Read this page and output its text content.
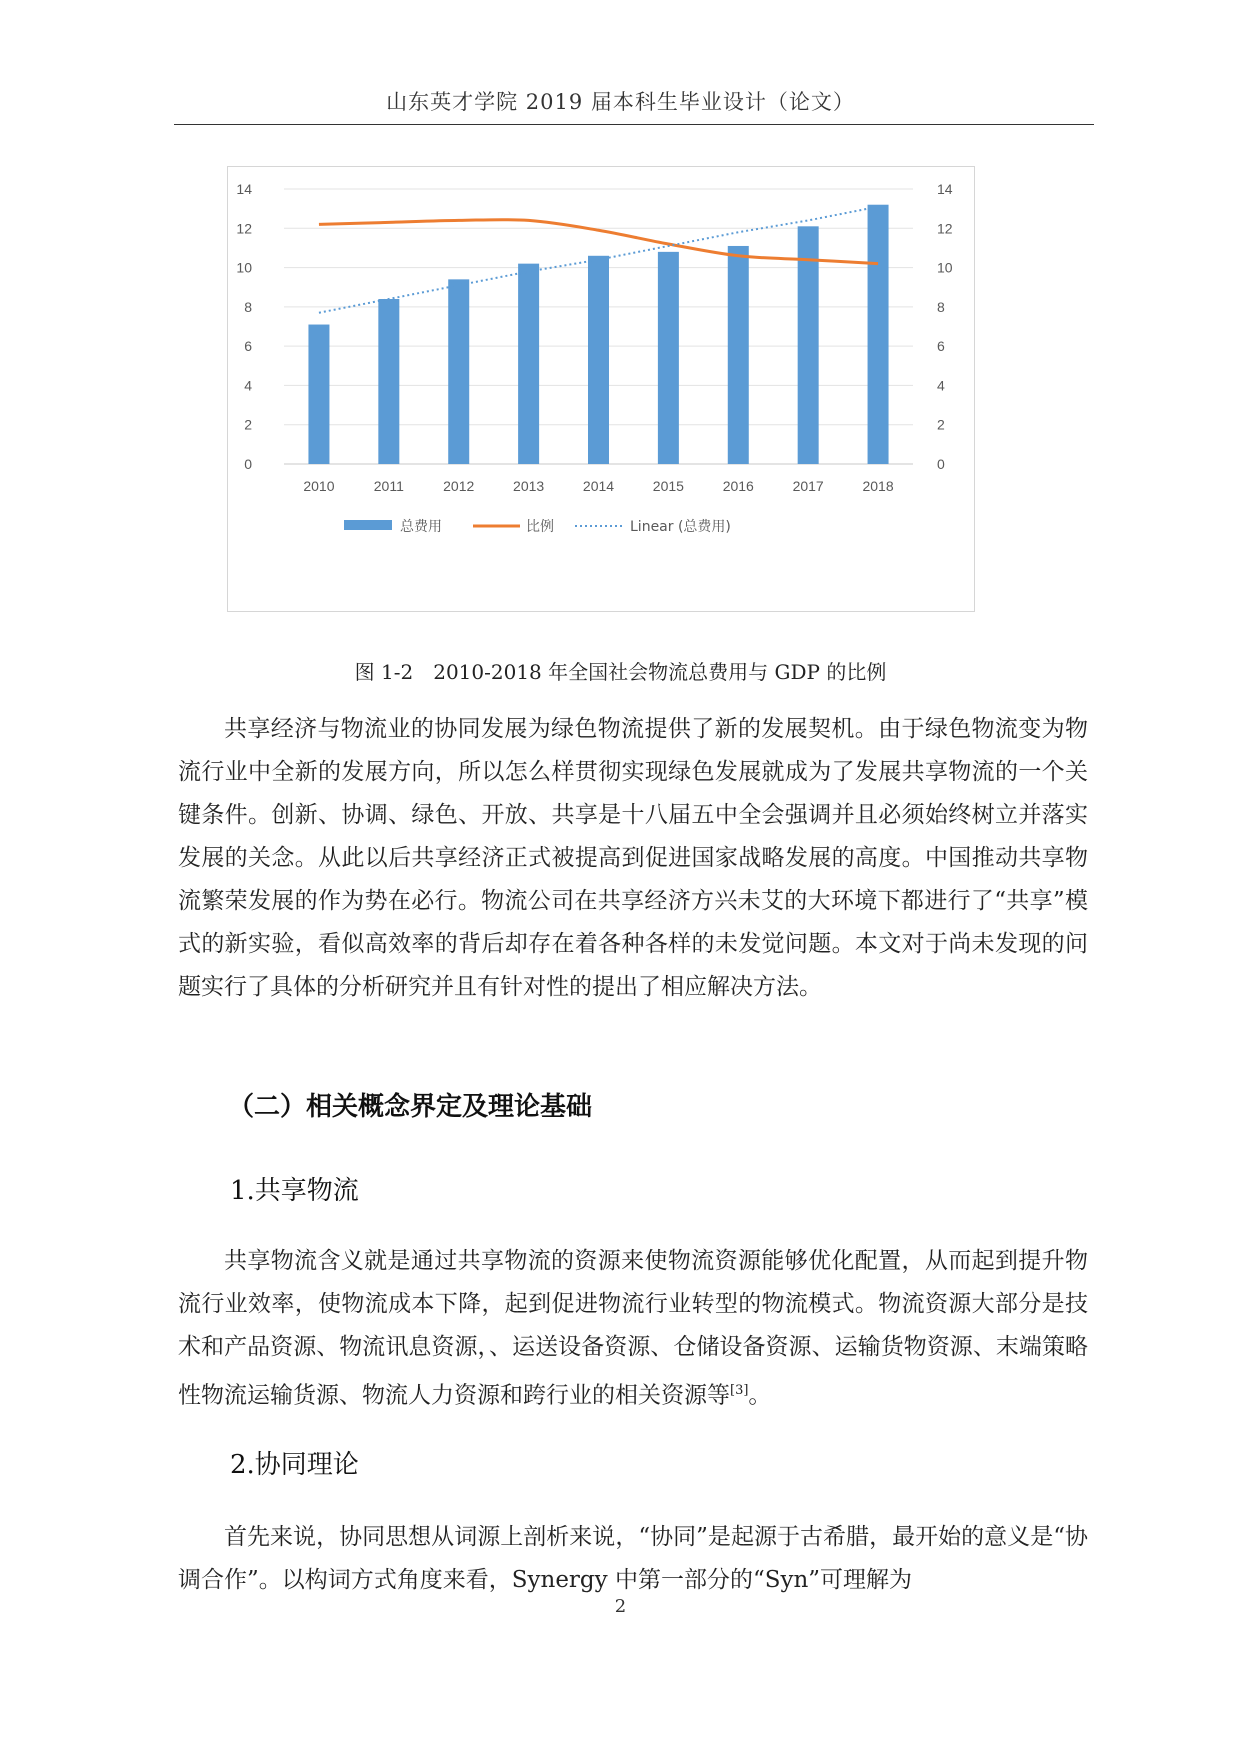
山东英才学院 2019 届本科生毕业设计（论文）
0
2
4
6
8
10
12
14
0
2
4
6
8
10
12
14
2010	2011	2012	2013	2014	2015	2016	2017	2018
总费用	比例	Linear (总费用)
图 1-2　2010-2018 年全国社会物流总费用与 GDP 的比例

共享经济与物流业的协同发展为绿色物流提供了新的发展契机。由于绿色物流变为物流行业中全新的发展方向，所以怎么样贯彻实现绿色发展就成为了发展共享物流的一个关键条件。创新、协调、绿色、开放、共享是十八届五中全会强调并且必须始终树立并落实发展的关念。从此以后共享经济正式被提高到促进国家战略发展的高度。中国推动共享物流繁荣发展的作为势在必行。物流公司在共享经济方兴未艾的大环境下都进行了“共享”模式的新实验，看似高效率的背后却存在着各种各样的未发觉问题。本文对于尚未发现的问题实行了具体的分析研究并且有针对性的提出了相应解决方法。

（二）相关概念界定及理论基础
1.共享物流

共享物流含义就是通过共享物流的资源来使物流资源能够优化配置，从而起到提升物流行业效率，使物流成本下降，起到促进物流行业转型的物流模式。物流资源大部分是技术和产品资源、物流讯息资源，、运送设备资源、仓储设备资源、运输货物资源、末端策略性物流运输货源、物流人力资源和跨行业的相关资源等[3]。

2.协同理论

首先来说，协同思想从词源上剖析来说，“协同”是起源于古希腊，最开始的意义是“协调合作”。以构词方式角度来看，Synergy 中第一部分的“Syn”可理解为

2
